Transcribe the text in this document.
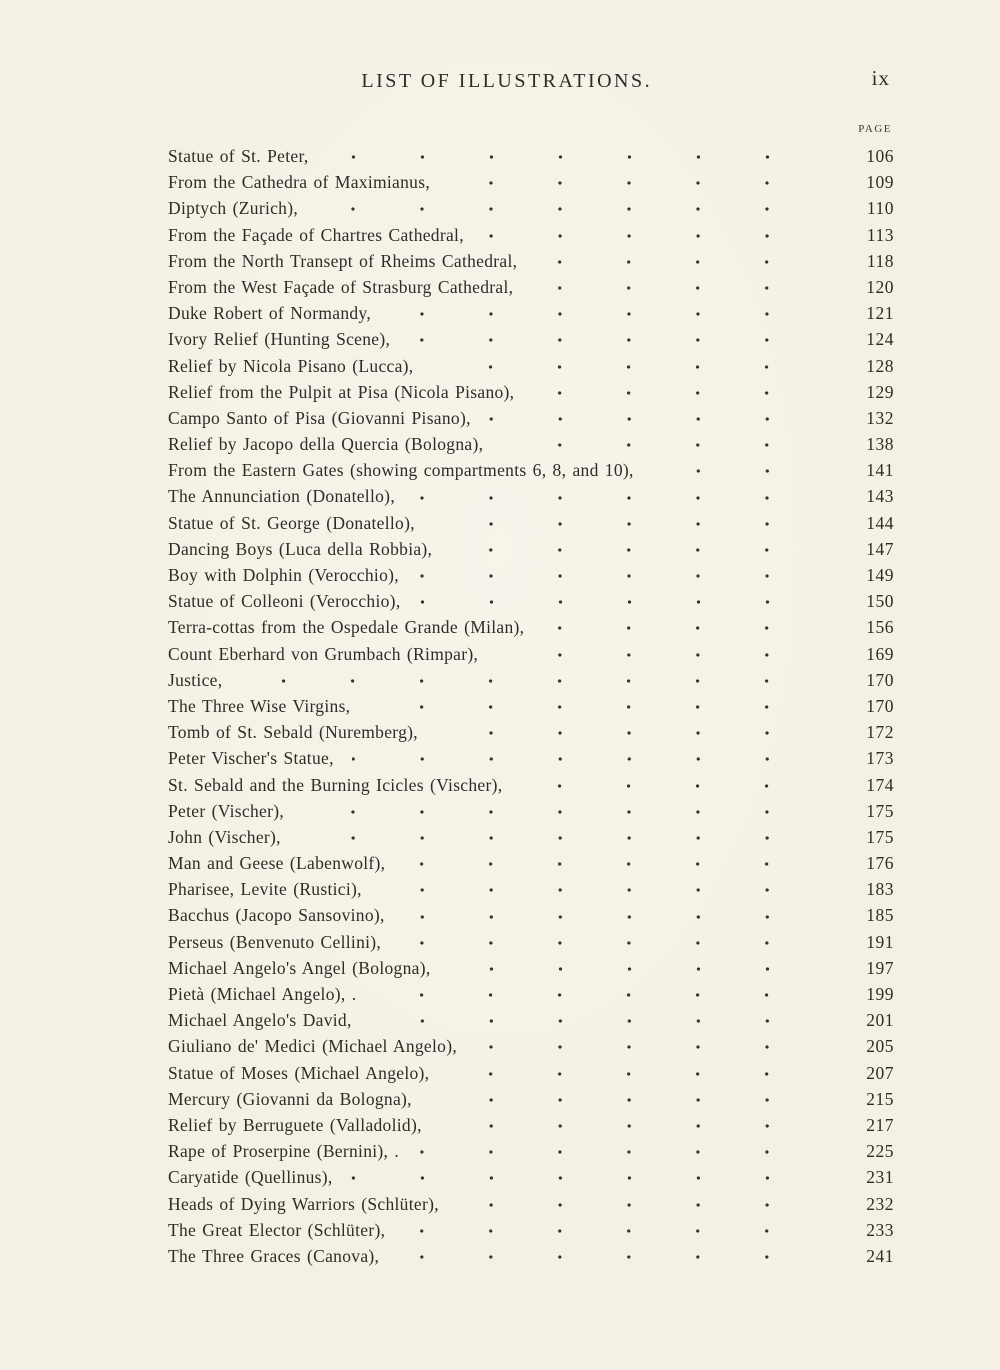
LIST OF ILLUSTRATIONS.	ix
PAGE
Statue of St. Peter,	106
From the Cathedra of Maximianus,	109
Diptych (Zurich),	110
From the Façade of Chartres Cathedral,	113
From the North Transept of Rheims Cathedral,	118
From the West Façade of Strasburg Cathedral,	120
Duke Robert of Normandy,	121
Ivory Relief (Hunting Scene),	124
Relief by Nicola Pisano (Lucca),	128
Relief from the Pulpit at Pisa (Nicola Pisano),	129
Campo Santo of Pisa (Giovanni Pisano),	132
Relief by Jacopo della Quercia (Bologna),	138
From the Eastern Gates (showing compartments 6, 8, and 10),	141
The Annunciation (Donatello),	143
Statue of St. George (Donatello),	144
Dancing Boys (Luca della Robbia),	147
Boy with Dolphin (Verocchio),	149
Statue of Colleoni (Verocchio),	150
Terra-cottas from the Ospedale Grande (Milan),	156
Count Eberhard von Grumbach (Rimpar),	169
Justice,	170
The Three Wise Virgins,	170
Tomb of St. Sebald (Nuremberg),	172
Peter Vischer's Statue,	173
St. Sebald and the Burning Icicles (Vischer),	174
Peter (Vischer),	175
John (Vischer),	175
Man and Geese (Labenwolf),	176
Pharisee, Levite (Rustici),	183
Bacchus (Jacopo Sansovino),	185
Perseus (Benvenuto Cellini),	191
Michael Angelo's Angel (Bologna),	197
Pietà (Michael Angelo), .	199
Michael Angelo's David,	201
Giuliano de' Medici (Michael Angelo),	205
Statue of Moses (Michael Angelo),	207
Mercury (Giovanni da Bologna),	215
Relief by Berruguete (Valladolid),	217
Rape of Proserpine (Bernini), .	225
Caryatide (Quellinus),	231
Heads of Dying Warriors (Schlüter),	232
The Great Elector (Schlüter),	233
The Three Graces (Canova),	241
